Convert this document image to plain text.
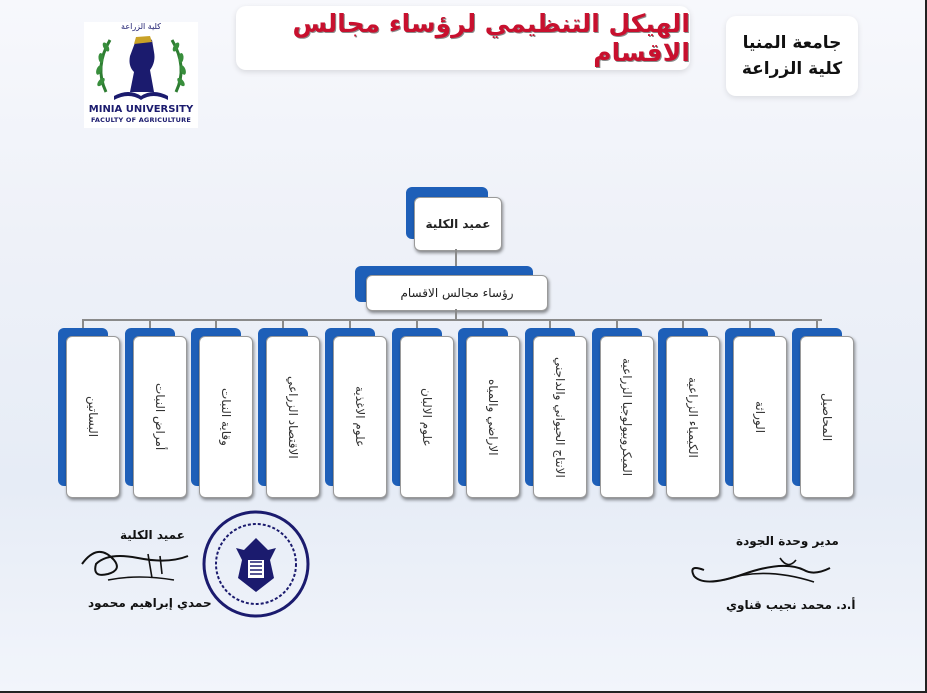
الهيكل التنظيمي لرؤساء مجالس الاقسام	جامعة المنيا
كلية الزراعة
كلية الزراعة
MINIA UNIVERSITY
FACULTY OF AGRICULTURE
عميد الكلية
رؤساء مجالس الاقسام
البساتين	أمراض النبات	وقاية النبات	الاقتصاد الزراعي	علوم الاغذية	علوم الالبان	الاراضي والمياه	الانتاج الحيواني والداجني	الميكروبيولوجيا الزراعية	الكيمياء الزراعية	الوراثة	المحاصيل
عميد الكلية
حمدي إبراهيم محمود
مدير وحدة الجودة
أ.د. محمد نجيب قناوي
